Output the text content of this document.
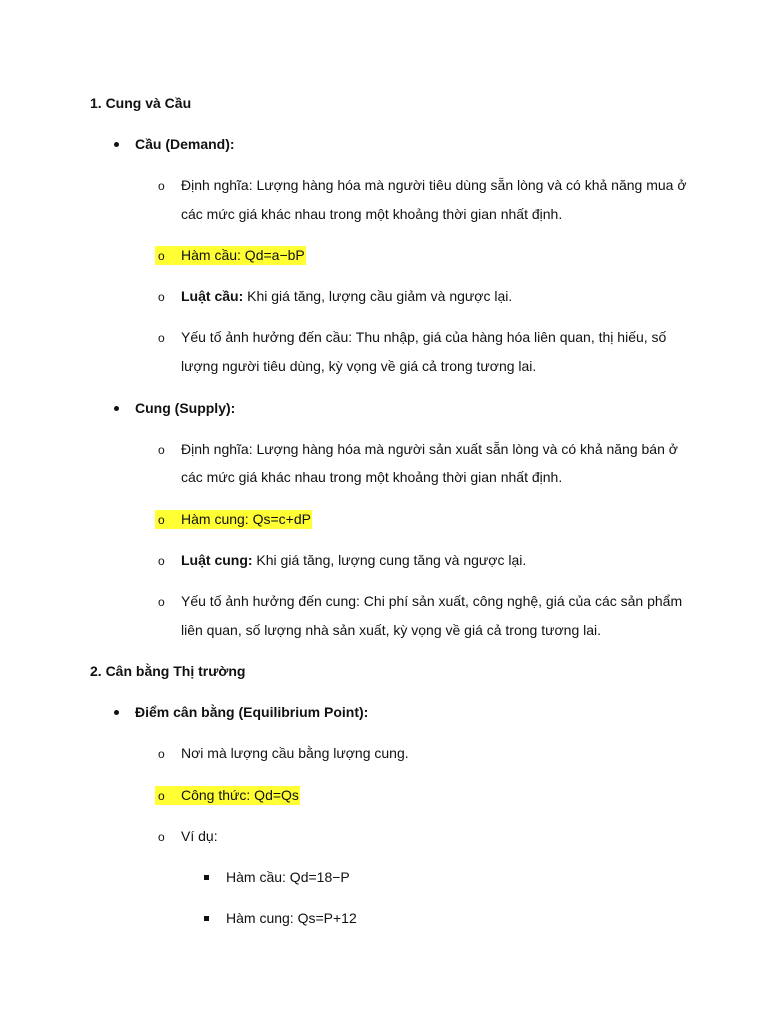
1. Cung và Cầu
Cầu (Demand):
o Định nghĩa: Lượng hàng hóa mà người tiêu dùng sẵn lòng và có khả năng mua ở
các mức giá khác nhau trong một khoảng thời gian nhất định.
o Hàm cầu: Qd=a−bP
o Luật cầu: Khi giá tăng, lượng cầu giảm và ngược lại.
o Yếu tố ảnh hưởng đến cầu: Thu nhập, giá của hàng hóa liên quan, thị hiếu, số
lượng người tiêu dùng, kỳ vọng về giá cả trong tương lai.
Cung (Supply):
o Định nghĩa: Lượng hàng hóa mà người sản xuất sẵn lòng và có khả năng bán ở
các mức giá khác nhau trong một khoảng thời gian nhất định.
o Hàm cung: Qs=c+dP
o Luật cung: Khi giá tăng, lượng cung tăng và ngược lại.
o Yếu tố ảnh hưởng đến cung: Chi phí sản xuất, công nghệ, giá của các sản phẩm
liên quan, số lượng nhà sản xuất, kỳ vọng về giá cả trong tương lai.
2. Cân bằng Thị trường
Điểm cân bằng (Equilibrium Point):
o Nơi mà lượng cầu bằng lượng cung.
o Công thức: Qd=Qs
o Ví dụ:
Hàm cầu: Qd=18−P
Hàm cung: Qs=P+12
